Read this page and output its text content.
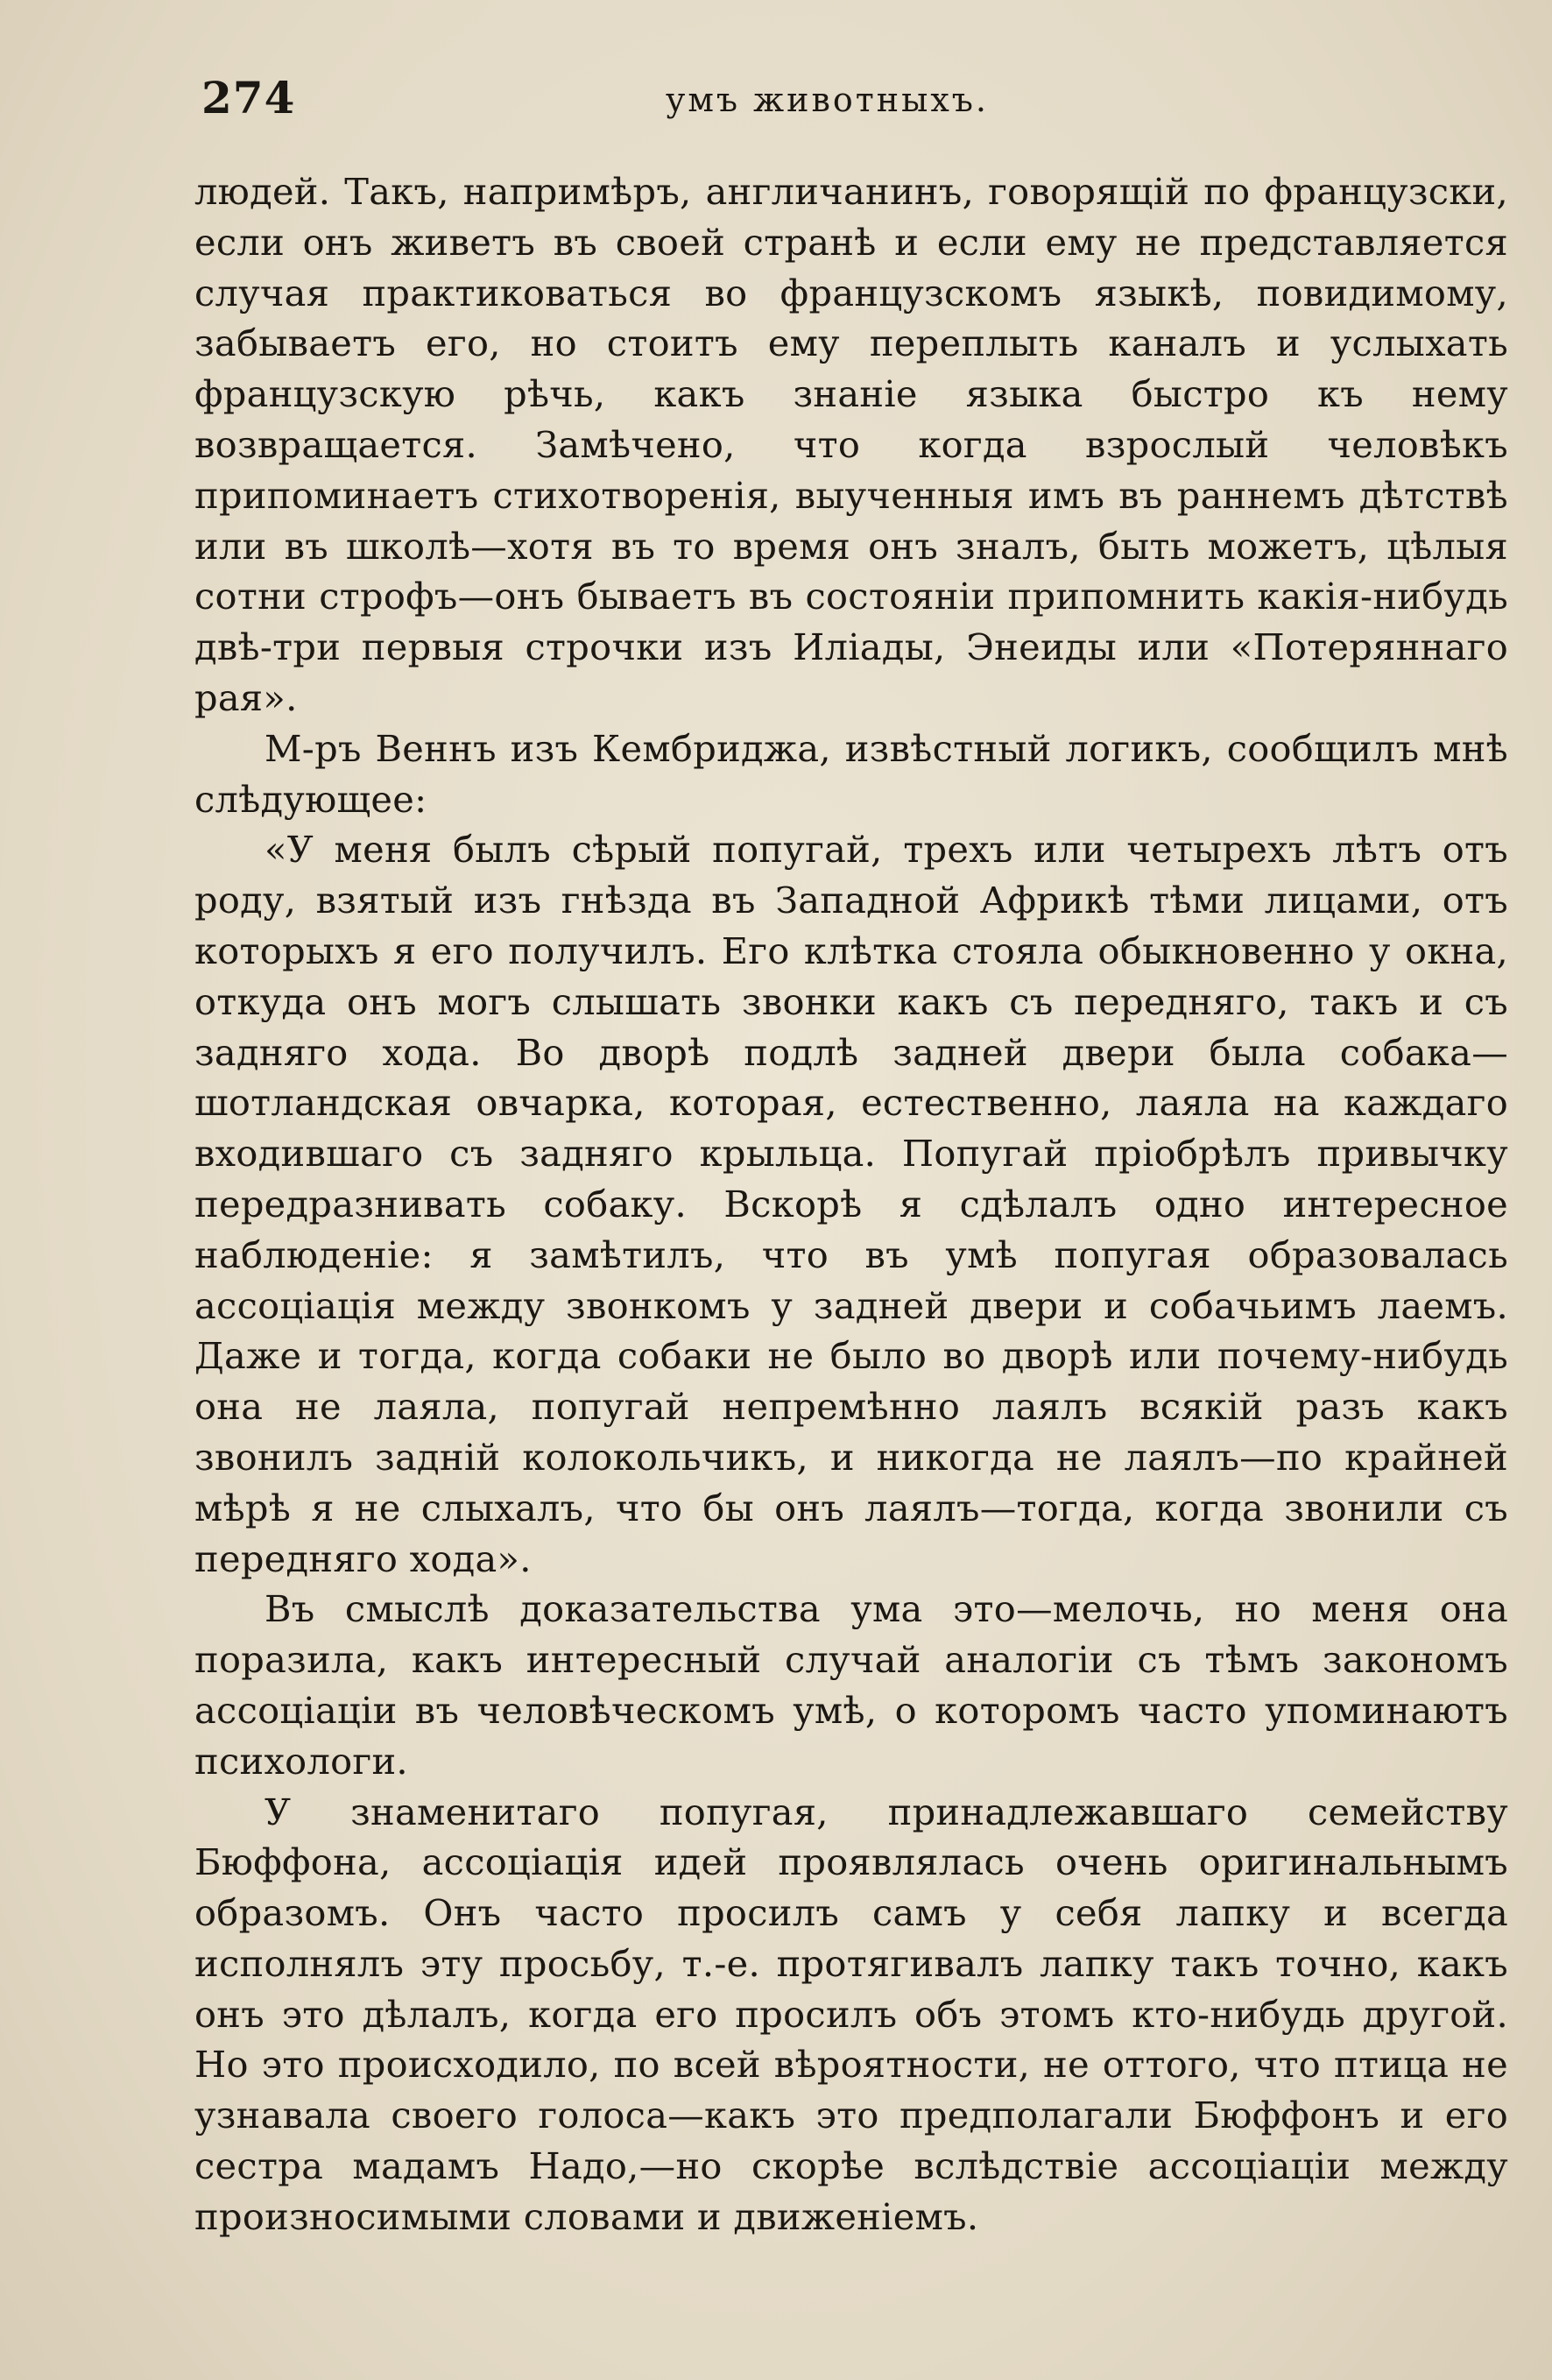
274	умъ животныхъ.

людей. Такъ, напримѣръ, англичанинъ, говорящій по французски, если онъ живетъ въ своей странѣ и если ему не представляется случая практиковаться во французскомъ языкѣ, повидимому, забываетъ его, но стоитъ ему переплыть каналъ и услыхать французскую рѣчь, какъ знаніе языка быстро къ нему возвращается. Замѣчено, что когда взрослый человѣкъ припоминаетъ стихотворенія, выученныя имъ въ раннемъ дѣтствѣ или въ школѣ—хотя въ то время онъ зналъ, быть можетъ, цѣлыя сотни строфъ—онъ бываетъ въ состояніи припомнить какія-нибудь двѣ-три первыя строчки изъ Иліады, Энеиды или «Потеряннаго рая».

М-ръ Веннъ изъ Кембриджа, извѣстный логикъ, сообщилъ мнѣ слѣдующее:

«У меня былъ сѣрый попугай, трехъ или четырехъ лѣтъ отъ роду, взятый изъ гнѣзда въ Западной Африкѣ тѣми лицами, отъ которыхъ я его получилъ. Его клѣтка стояла обыкновенно у окна, откуда онъ могъ слышать звонки какъ съ передняго, такъ и съ задняго хода. Во дворѣ подлѣ задней двери была собака—шотландская овчарка, которая, естественно, лаяла на каждаго входившаго съ задняго крыльца. Попугай пріобрѣлъ привычку передразнивать собаку. Вскорѣ я сдѣлалъ одно интересное наблюденіе: я замѣтилъ, что въ умѣ попугая образовалась ассоціація между звонкомъ у задней двери и собачьимъ лаемъ. Даже и тогда, когда собаки не было во дворѣ или почему-нибудь она не лаяла, попугай непремѣнно лаялъ всякій разъ какъ звонилъ задній колокольчикъ, и никогда не лаялъ—по крайней мѣрѣ я не слыхалъ, что бы онъ лаялъ—тогда, когда звонили съ передняго хода».

Въ смыслѣ доказательства ума это—мелочь, но меня она поразила, какъ интересный случай аналогіи съ тѣмъ закономъ ассоціаціи въ человѣческомъ умѣ, о которомъ часто упоминаютъ психологи.

У знаменитаго попугая, принадлежавшаго семейству Бюффона, ассоціація идей проявлялась очень оригинальнымъ образомъ. Онъ часто просилъ самъ у себя лапку и всегда исполнялъ эту просьбу, т.-е. протягивалъ лапку такъ точно, какъ онъ это дѣлалъ, когда его просилъ объ этомъ кто-нибудь другой. Но это происходило, по всей вѣроятности, не оттого, что птица не узнавала своего голоса—какъ это предполагали Бюффонъ и его сестра мадамъ Надо,—но скорѣе вслѣдствіе ассоціаціи между произносимыми словами и движеніемъ.
